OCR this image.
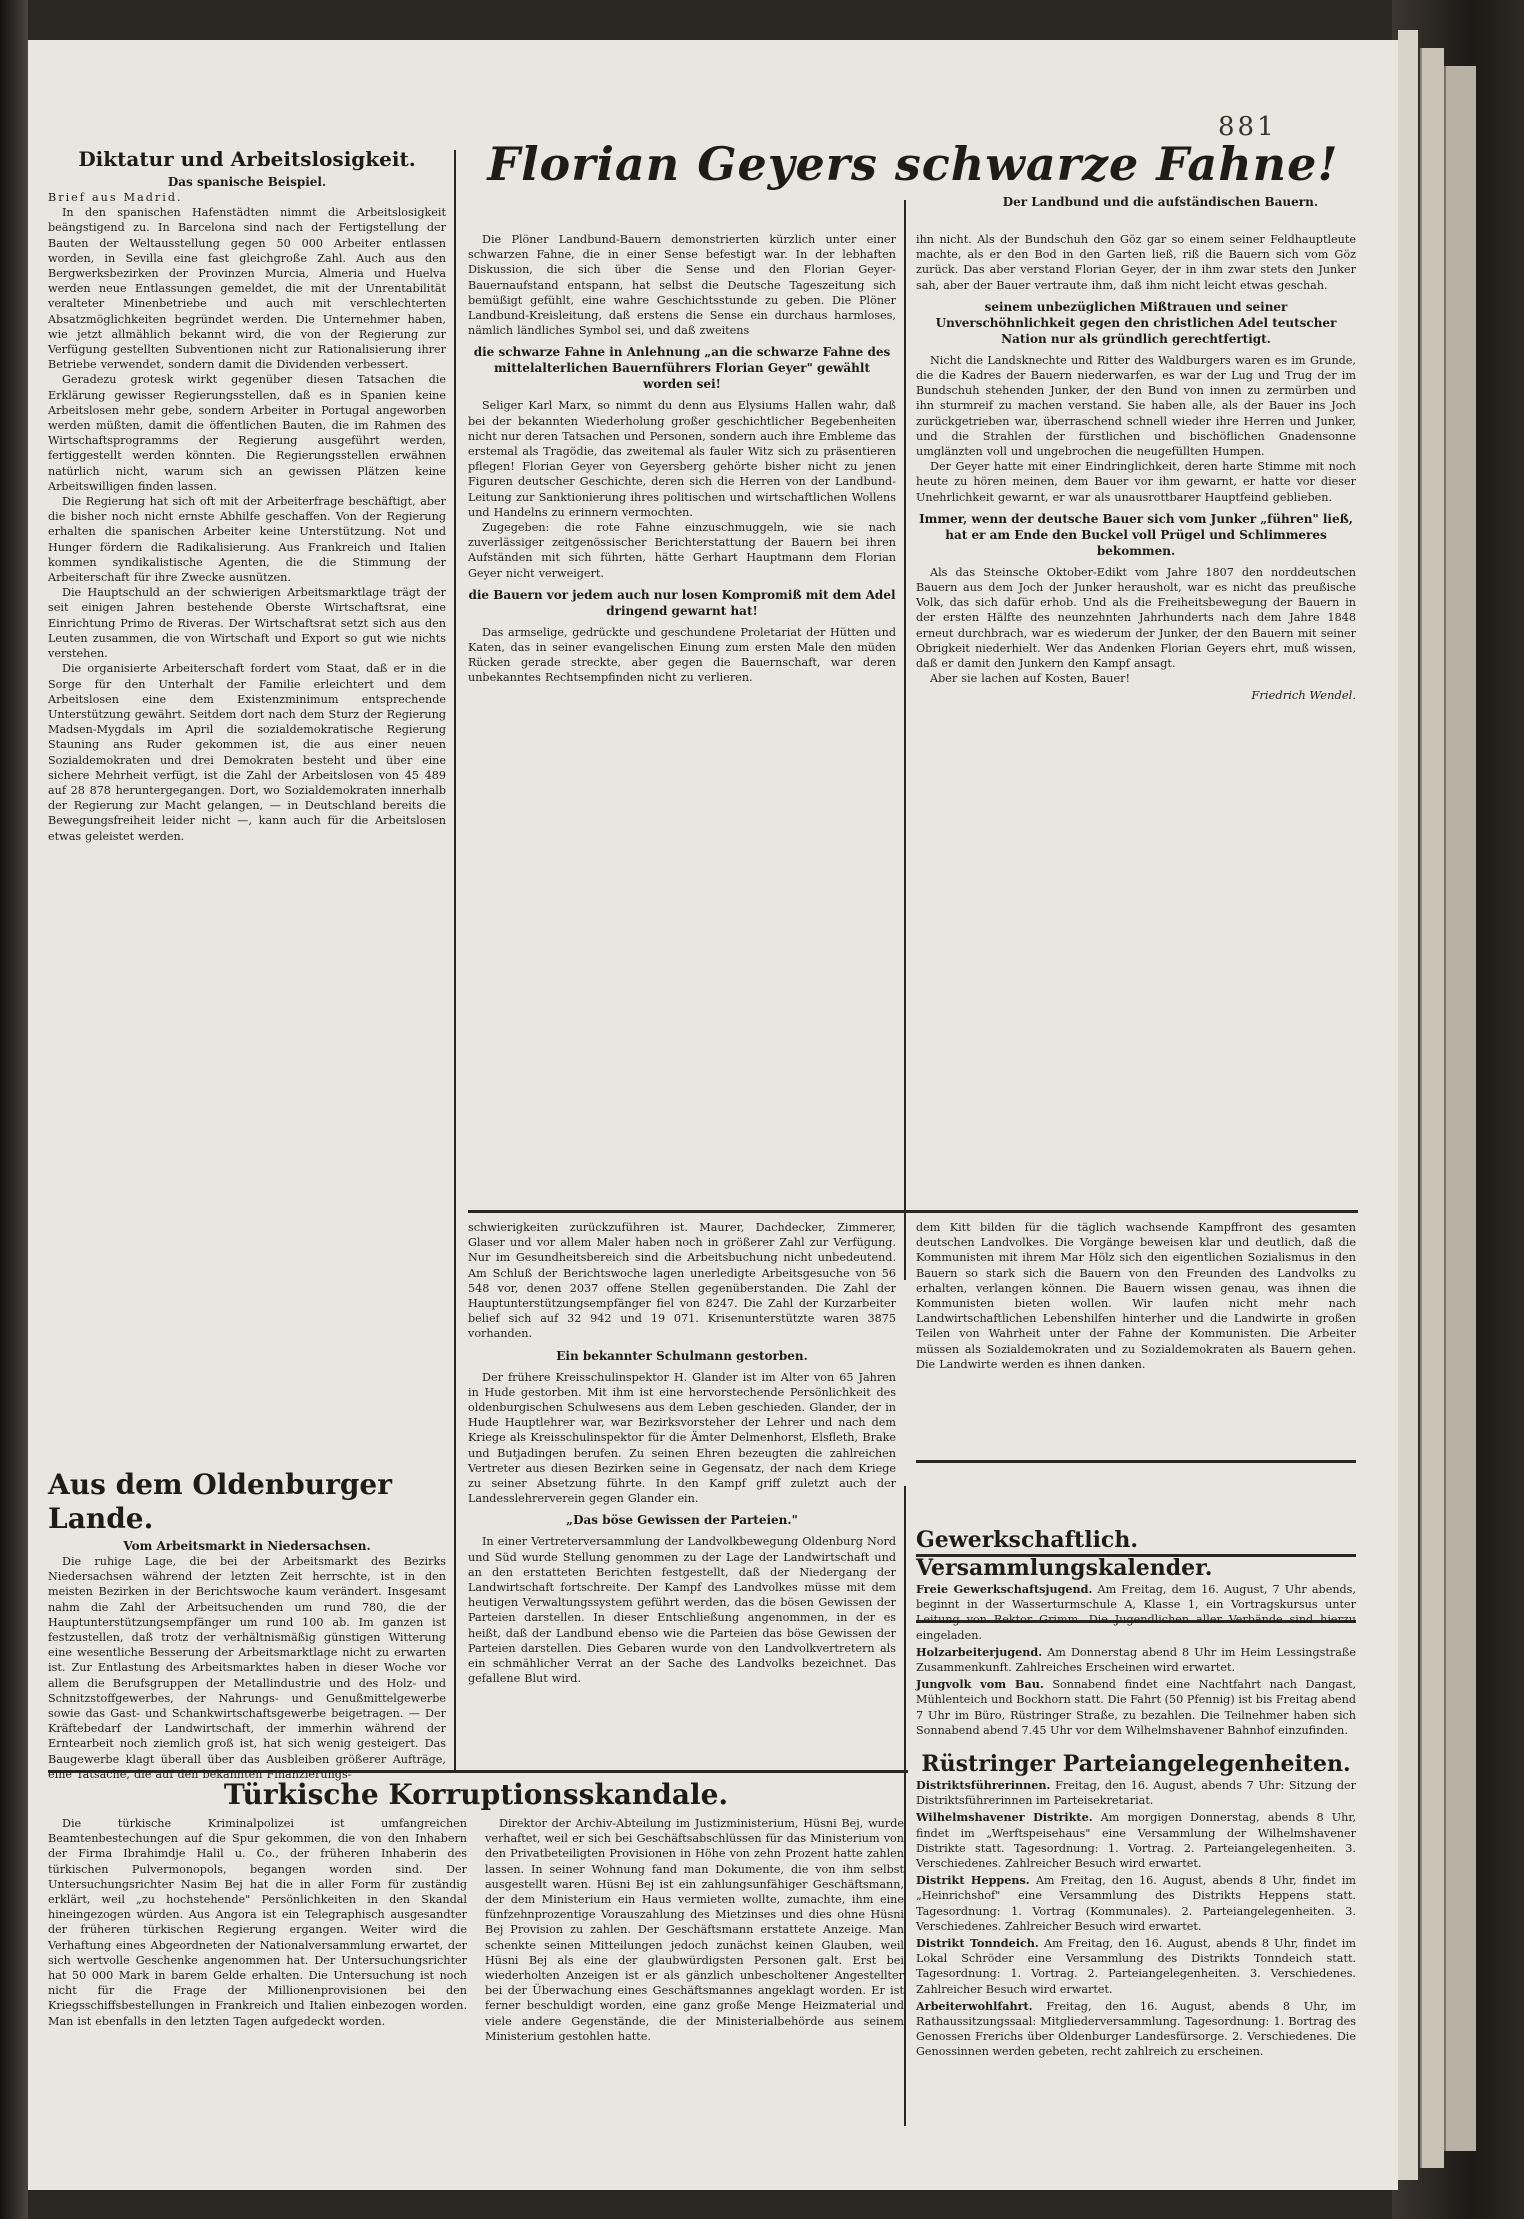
881
Diktatur und Arbeitslosigkeit.
Das spanische Beispiel.

Brief aus Madrid.

In den spanischen Hafenstädten nimmt die Arbeitslosigkeit beängstigend zu. In Barcelona sind nach der Fertigstellung der Bauten der Weltausstellung gegen 50 000 Arbeiter entlassen worden, in Sevilla eine fast gleichgroße Zahl. Auch aus den Bergwerksbezirken der Provinzen Murcia, Almeria und Huelva werden neue Entlassungen gemeldet, die mit der Unrentabilität veralteter Minenbetriebe und auch mit verschlechterten Absatzmöglichkeiten begründet werden. Die Unternehmer haben, wie jetzt allmählich bekannt wird, die von der Regierung zur Verfügung gestellten Subventionen nicht zur Rationalisierung ihrer Betriebe verwendet, sondern damit die Dividenden verbessert.

Geradezu grotesk wirkt gegenüber diesen Tatsachen die Erklärung gewisser Regierungsstellen, daß es in Spanien keine Arbeitslosen mehr gebe, sondern Arbeiter in Portugal angeworben werden müßten, damit die öffentlichen Bauten, die im Rahmen des Wirtschaftsprogramms der Regierung ausgeführt werden, fertiggestellt werden könnten. Die Regierungsstellen erwähnen natürlich nicht, warum sich an gewissen Plätzen keine Arbeitswilligen finden lassen.

Die Regierung hat sich oft mit der Arbeiterfrage beschäftigt, aber die bisher noch nicht ernste Abhilfe geschaffen. Von der Regierung erhalten die spanischen Arbeiter keine Unterstützung. Not und Hunger fördern die Radikalisierung. Aus Frankreich und Italien kommen syndikalistische Agenten, die die Stimmung der Arbeiterschaft für ihre Zwecke ausnützen.

Die Hauptschuld an der schwierigen Arbeitsmarktlage trägt der seit einigen Jahren bestehende Oberste Wirtschaftsrat, eine Einrichtung Primo de Riveras. Der Wirtschaftsrat setzt sich aus den Leuten zusammen, die von Wirtschaft und Export so gut wie nichts verstehen.

Die organisierte Arbeiterschaft fordert vom Staat, daß er in die Sorge für den Unterhalt der Familie erleichtert und dem Arbeitslosen eine dem Existenzminimum entsprechende Unterstützung gewährt. Seitdem dort nach dem Sturz der Regierung Madsen-Mygdals im April die sozialdemokratische Regierung Stauning ans Ruder gekommen ist, die aus einer neuen Sozialdemokraten und drei Demokraten besteht und über eine sichere Mehrheit verfügt, ist die Zahl der Arbeitslosen von 45 489 auf 28 878 heruntergegangen. Dort, wo Sozialdemokraten innerhalb der Regierung zur Macht gelangen, — in Deutschland bereits die Bewegungsfreiheit leider nicht —, kann auch für die Arbeitslosen etwas geleistet werden.

Aus dem Oldenburger Lande.
Vom Arbeitsmarkt in Niedersachsen.

Die ruhige Lage, die bei der Arbeitsmarkt des Bezirks Niedersachsen während der letzten Zeit herrschte, ist in den meisten Bezirken in der Berichtswoche kaum verändert. Insgesamt nahm die Zahl der Arbeitsuchenden um rund 780, die der Hauptunterstützungsempfänger um rund 100 ab. Im ganzen ist festzustellen, daß trotz der verhältnismäßig günstigen Witterung eine wesentliche Besserung der Arbeitsmarktlage nicht zu erwarten ist. Zur Entlastung des Arbeitsmarktes haben in dieser Woche vor allem die Berufsgruppen der Metallindustrie und des Holz- und Schnitzstoffgewerbes, der Nahrungs- und Genußmittelgewerbe sowie das Gast- und Schankwirtschaftsgewerbe beigetragen. — Der Kräftebedarf der Landwirtschaft, der immerhin während der Erntearbeit noch ziemlich groß ist, hat sich wenig gesteigert. Das Baugewerbe klagt überall über das Ausbleiben größerer Aufträge, eine Tatsache, die auf den bekannten Finanzierungs-

Florian Geyers schwarze Fahne!
Der Landbund und die aufständischen Bauern.

Die Plöner Landbund-Bauern demonstrierten kürzlich unter einer schwarzen Fahne, die in einer Sense befestigt war. In der lebhaften Diskussion, die sich über die Sense und den Florian Geyer-Bauernaufstand entspann, hat selbst die Deutsche Tageszeitung sich bemüßigt gefühlt, eine wahre Geschichtsstunde zu geben. Die Plöner Landbund-Kreisleitung, daß erstens die Sense ein durchaus harmloses, nämlich ländliches Symbol sei, und daß zweitens

die schwarze Fahne in Anlehnung „an die schwarze Fahne des mittelalterlichen Bauernführers Florian Geyer" gewählt worden sei!

Seliger Karl Marx, so nimmt du denn aus Elysiums Hallen wahr, daß bei der bekannten Wiederholung großer geschichtlicher Begebenheiten nicht nur deren Tatsachen und Personen, sondern auch ihre Embleme das erstemal als Tragödie, das zweitemal als fauler Witz sich zu präsentieren pflegen! Florian Geyer von Geyersberg gehörte bisher nicht zu jenen Figuren deutscher Geschichte, deren sich die Herren von der Landbund-Leitung zur Sanktionierung ihres politischen und wirtschaftlichen Wollens und Handelns zu erinnern vermochten.

Zugegeben: die rote Fahne einzuschmuggeln, wie sie nach zuverlässiger zeitgenössischer Berichterstattung der Bauern bei ihren Aufständen mit sich führten, hätte Gerhart Hauptmann dem Florian Geyer nicht verweigert.

die Bauern vor jedem auch nur losen Kompromiß mit dem Adel dringend gewarnt hat!

Das armselige, gedrückte und geschundene Proletariat der Hütten und Katen, das in seiner evangelischen Einung zum ersten Male den müden Rücken gerade streckte, aber gegen die Bauernschaft, war deren unbekanntes Rechtsempfinden nicht zu verlieren.

ihn nicht. Als der Bundschuh den Göz gar so einem seiner Feldhauptleute machte, als er den Bod in den Garten ließ, riß die Bauern sich vom Göz zurück. Das aber verstand Florian Geyer, der in ihm zwar stets den Junker sah, aber der Bauer vertraute ihm, daß ihm nicht leicht etwas geschah.

seinem unbezüglichen Mißtrauen und seiner Unverschöhnlichkeit gegen den christlichen Adel teutscher Nation nur als gründlich gerechtfertigt.

Nicht die Landsknechte und Ritter des Waldburgers waren es im Grunde, die die Kadres der Bauern niederwarfen, es war der Lug und Trug der im Bundschuh stehenden Junker, der den Bund von innen zu zermürben und ihn sturmreif zu machen verstand. Sie haben alle, als der Bauer ins Joch zurückgetrieben war, überraschend schnell wieder ihre Herren und Junker, und die Strahlen der fürstlichen und bischöflichen Gnadensonne umglänzten voll und ungebrochen die neugefüllten Humpen.

Der Geyer hatte mit einer Eindringlichkeit, deren harte Stimme mit noch heute zu hören meinen, dem Bauer vor ihm gewarnt, er hatte vor dieser Unehrlichkeit gewarnt, er war als unausrottbarer Hauptfeind geblieben.

Immer, wenn der deutsche Bauer sich vom Junker „führen" ließ, hat er am Ende den Buckel voll Prügel und Schlimmeres bekommen.

Als das Steinsche Oktober-Edikt vom Jahre 1807 den norddeutschen Bauern aus dem Joch der Junker herausholt, war es nicht das preußische Volk, das sich dafür erhob. Und als die Freiheitsbewegung der Bauern in der ersten Hälfte des neunzehnten Jahrhunderts nach dem Jahre 1848 erneut durchbrach, war es wiederum der Junker, der den Bauern mit seiner Obrigkeit niederhielt. Wer das Andenken Florian Geyers ehrt, muß wissen, daß er damit den Junkern den Kampf ansagt.

Aber sie lachen auf Kosten, Bauer!

Friedrich Wendel.

schwierigkeiten zurückzuführen ist. Maurer, Dachdecker, Zimmerer, Glaser und vor allem Maler haben noch in größerer Zahl zur Verfügung. Nur im Gesundheitsbereich sind die Arbeitsbuchung nicht unbedeutend. Am Schluß der Berichtswoche lagen unerledigte Arbeitsgesuche von 56 548 vor, denen 2037 offene Stellen gegenüberstanden. Die Zahl der Hauptunterstützungsempfänger fiel von 8247. Die Zahl der Kurzarbeiter belief sich auf 32 942 und 19 071. Krisenunterstützte waren 3875 vorhanden.

Ein bekannter Schulmann gestorben.

Der frühere Kreisschulinspektor H. Glander ist im Alter von 65 Jahren in Hude gestorben. Mit ihm ist eine hervorstechende Persönlichkeit des oldenburgischen Schulwesens aus dem Leben geschieden. Glander, der in Hude Hauptlehrer war, war Bezirksvorsteher der Lehrer und nach dem Kriege als Kreisschulinspektor für die Ämter Delmenhorst, Elsfleth, Brake und Butjadingen berufen. Zu seinen Ehren bezeugten die zahlreichen Vertreter aus diesen Bezirken seine in Gegensatz, der nach dem Kriege zu seiner Absetzung führte. In den Kampf griff zuletzt auch der Landesslehrerverein gegen Glander ein.

„Das böse Gewissen der Parteien."

In einer Vertreterversammlung der Landvolkbewegung Oldenburg Nord und Süd wurde Stellung genommen zu der Lage der Landwirtschaft und an den erstatteten Berichten festgestellt, daß der Niedergang der Landwirtschaft fortschreite. Der Kampf des Landvolkes müsse mit dem heutigen Verwaltungssystem geführt werden, das die bösen Gewissen der Parteien darstellen. In dieser Entschließung angenommen, in der es heißt, daß der Landbund ebenso wie die Parteien das böse Gewissen der Parteien darstellen. Dies Gebaren wurde von den Landvolkvertretern als ein schmählicher Verrat an der Sache des Landvolks bezeichnet. Das gefallene Blut wird.

dem Kitt bilden für die täglich wachsende Kampffront des gesamten deutschen Landvolkes. Die Vorgänge beweisen klar und deutlich, daß die Kommunisten mit ihrem Mar Hölz sich den eigentlichen Sozialismus in den Bauern so stark sich die Bauern von den Freunden des Landvolks zu erhalten, verlangen können. Die Bauern wissen genau, was ihnen die Kommunisten bieten wollen. Wir laufen nicht mehr nach Landwirtschaftlichen Lebenshilfen hinterher und die Landwirte in großen Teilen von Wahrheit unter der Fahne der Kommunisten. Die Arbeiter müssen als Sozialdemokraten und zu Sozialdemokraten als Bauern gehen. Die Landwirte werden es ihnen danken.

Gewerkschaftlich. Versammlungskalender.

Freie Gewerkschaftsjugend. Am Freitag, dem 16. August, 7 Uhr abends, beginnt in der Wasserturmschule A, Klasse 1, ein Vortragskursus unter Leitung von Rektor Grimm. Die Jugendlichen aller Verbände sind hierzu eingeladen.

Holzarbeiterjugend. Am Donnerstag abend 8 Uhr im Heim Lessingstraße Zusammenkunft. Zahlreiches Erscheinen wird erwartet.

Jungvolk vom Bau. Sonnabend findet eine Nachtfahrt nach Dangast, Mühlenteich und Bockhorn statt. Die Fahrt (50 Pfennig) ist bis Freitag abend 7 Uhr im Büro, Rüstringer Straße, zu bezahlen. Die Teilnehmer haben sich Sonnabend abend 7.45 Uhr vor dem Wilhelmshavener Bahnhof einzufinden.

Rüstringer Parteiangelegenheiten.

Distriktsführerinnen. Freitag, den 16. August, abends 7 Uhr: Sitzung der Distriktsführerinnen im Parteisekretariat.

Wilhelmshavener Distrikte. Am morgigen Donnerstag, abends 8 Uhr, findet im „Werftspeisehaus" eine Versammlung der Wilhelmshavener Distrikte statt. Tagesordnung: 1. Vortrag. 2. Parteiangelegenheiten. 3. Verschiedenes. Zahlreicher Besuch wird erwartet.

Distrikt Heppens. Am Freitag, den 16. August, abends 8 Uhr, findet im „Heinrichshof" eine Versammlung des Distrikts Heppens statt. Tagesordnung: 1. Vortrag (Kommunales). 2. Parteiangelegenheiten. 3. Verschiedenes. Zahlreicher Besuch wird erwartet.

Distrikt Tonndeich. Am Freitag, den 16. August, abends 8 Uhr, findet im Lokal Schröder eine Versammlung des Distrikts Tonndeich statt. Tagesordnung: 1. Vortrag. 2. Parteiangelegenheiten. 3. Verschiedenes. Zahlreicher Besuch wird erwartet.

Arbeiterwohlfahrt. Freitag, den 16. August, abends 8 Uhr, im Rathaussitzungssaal: Mitgliederversammlung. Tagesordnung: 1. Bortrag des Genossen Frerichs über Oldenburger Landesfürsorge. 2. Verschiedenes. Die Genossinnen werden gebeten, recht zahlreich zu erscheinen.

Türkische Korruptionsskandale.

Die türkische Kriminalpolizei ist umfangreichen Beamtenbestechungen auf die Spur gekommen, die von den Inhabern der Firma Ibrahimdje Halil u. Co., der früheren Inhaberin des türkischen Pulvermonopols, begangen worden sind. Der Untersuchungsrichter Nasim Bej hat die in aller Form für zuständig erklärt, weil „zu hochstehende" Persönlichkeiten in den Skandal hineingezogen würden. Aus Angora ist ein Telegraphisch ausgesandter der früheren türkischen Regierung ergangen. Weiter wird die Verhaftung eines Abgeordneten der Nationalversammlung erwartet, der sich wertvolle Geschenke angenommen hat. Der Untersuchungsrichter hat 50 000 Mark in barem Gelde erhalten. Die Untersuchung ist noch nicht für die Frage der Millionenprovisionen bei den Kriegsschiffsbestellungen in Frankreich und Italien einbezogen worden. Man ist ebenfalls in den letzten Tagen aufgedeckt worden.

Direktor der Archiv-Abteilung im Justizministerium, Hüsni Bej, wurde verhaftet, weil er sich bei Geschäftsabschlüssen für das Ministerium von den Privatbeteiligten Provisionen in Höhe von zehn Prozent hatte zahlen lassen. In seiner Wohnung fand man Dokumente, die von ihm selbst ausgestellt waren. Hüsni Bej ist ein zahlungsunfähiger Geschäftsmann, der dem Ministerium ein Haus vermieten wollte, zumachte, ihm eine fünfzehnprozentige Vorauszahlung des Mietzinses und dies ohne Hüsni Bej Provision zu zahlen. Der Geschäftsmann erstattete Anzeige. Man schenkte seinen Mitteilungen jedoch zunächst keinen Glauben, weil Hüsni Bej als eine der glaubwürdigsten Personen galt. Erst bei wiederholten Anzeigen ist er als gänzlich unbescholtener Angestellter bei der Überwachung eines Geschäftsmannes angeklagt worden. Er ist ferner beschuldigt worden, eine ganz große Menge Heizmaterial und viele andere Gegenstände, die der Ministerialbehörde aus seinem Ministerium gestohlen hatte.
